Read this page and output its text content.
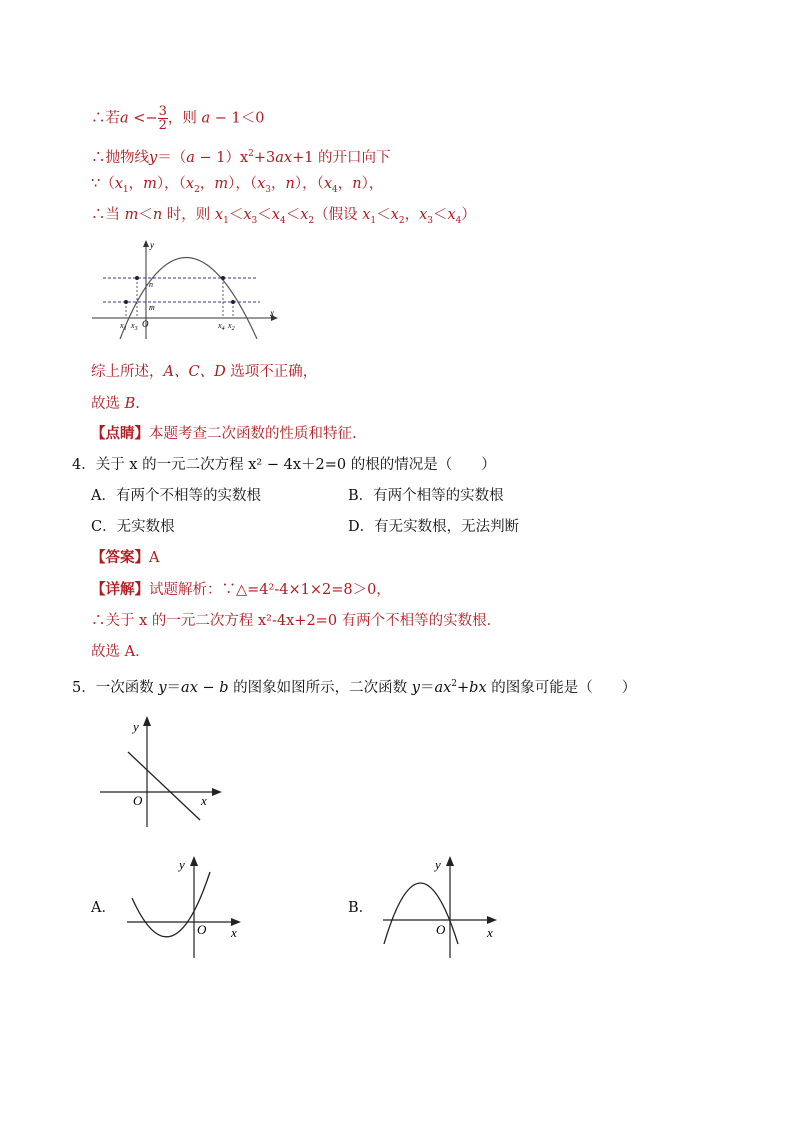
∴若$a <- \frac{3}{2}$ ，则 a − 1＜0
∴抛物线$y=(a - 1)x^2+3ax+1$ 的开口向下
$\because(x_1$，m），（$x_2$，m），（$x_3$，n），（$x_4$，n），
∴当 m＜n 时，则 $x_1<x_3<x_4<x_2$（假设 $x_1<x_2$，$x_3<x_4$）
y
x
O
n
m
$x_1$ $x_3$	$x_4$ $x_2$
综上所述，A、C、D 选项不正确，
故选 B.
【点睛】本题考查二次函数的性质和特征.
4．关于 x 的一元二次方程 x² − 4x＋2=0 的根的情况是（　　）
A．有两个不相等的实数根	B．有两个相等的实数根
C．无实数根	D．有无实数根，无法判断
【答案】A
【详解】试题解析：∵△=4²-4×1×2=8＞0，
∴关于 x 的一元二次方程 x²-4x+2=0 有两个不相等的实数根．
故选 A．
5．一次函数 y＝ax − b 的图象如图所示，二次函数 $y=ax^2+bx$ 的图象可能是（　　）
y
x
O
A．
y
x
O
B．
y
x
O
